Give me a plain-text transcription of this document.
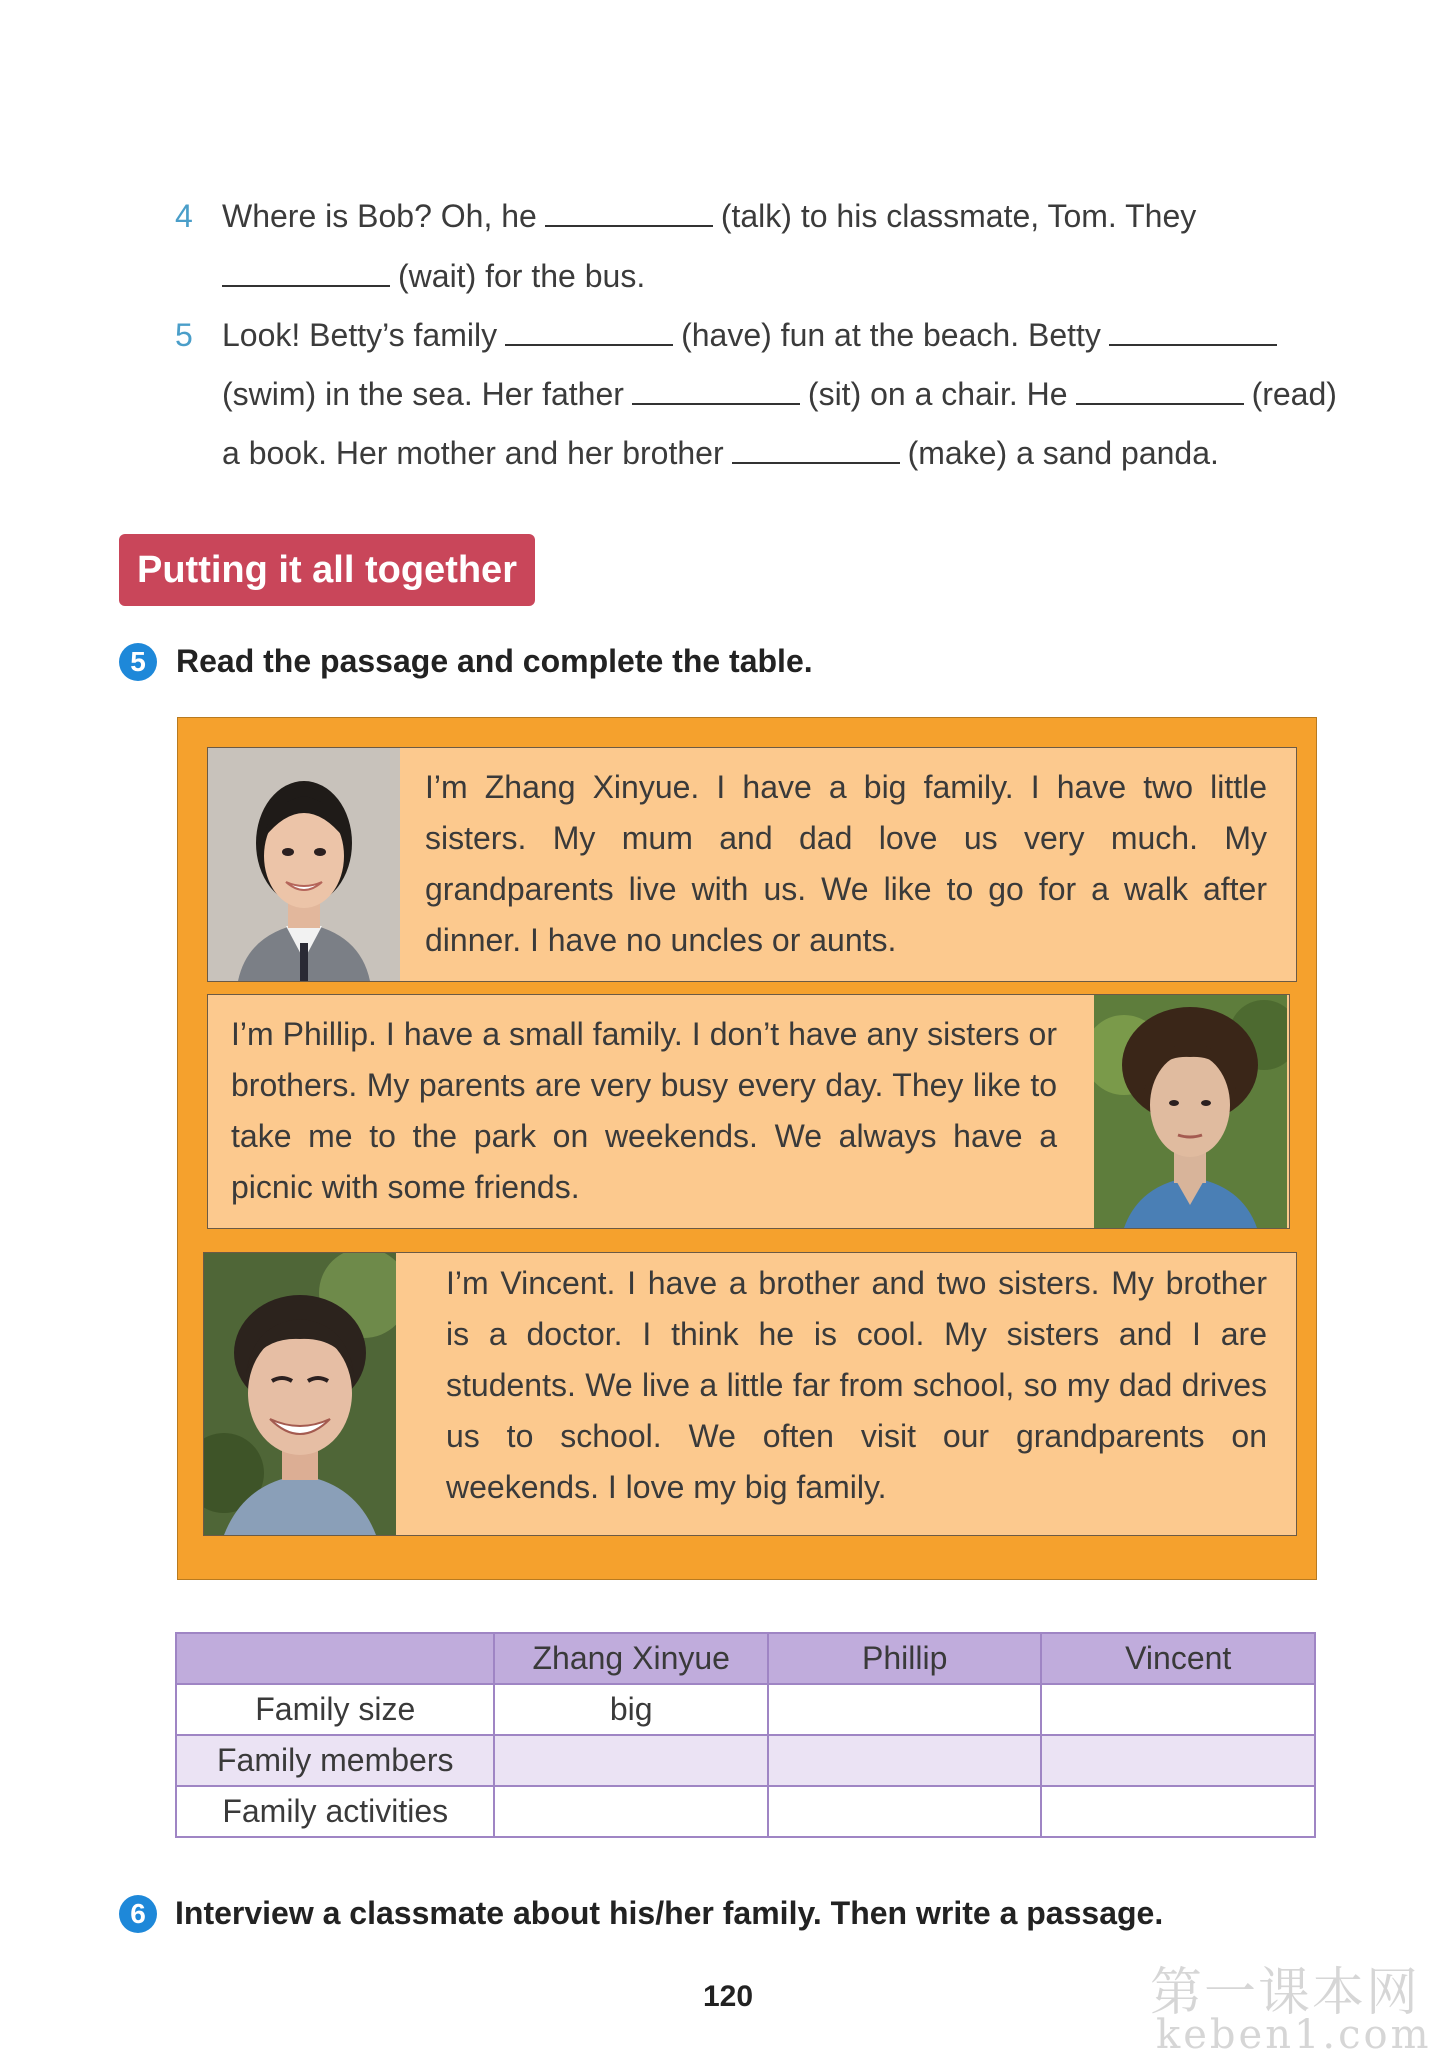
4 Where is Bob? Oh, he	(talk) to his classmate, Tom. They
(wait) for the bus.
5 Look! Betty’s family	(have) fun at the beach. Betty
(swim) in the sea. Her father	(sit) on a chair. He	(read)
a book. Her mother and her brother	(make) a sand panda.
Putting it all together
5 Read the passage and complete the table.
I’m Zhang Xinyue. I have a big family. I have two little sisters. My mum and dad love us very much. My grandparents live with us. We like to go for a walk after dinner. I have no uncles or aunts.
I’m Phillip. I have a small family. I don’t have any sisters or brothers. My parents are very busy every day. They like to take me to the park on weekends. We always have a picnic with some friends.
I’m Vincent. I have a brother and two sisters. My brother is a doctor. I think he is cool. My sisters and I are students. We live a little far from school, so my dad drives us to school. We often visit our grandparents on weekends. I love my big family.
	Zhang Xinyue	Phillip	Vincent
Family size	big		
Family members			
Family activities			
6 Interview a classmate about his/her family. Then write a passage.
120	第一课本网
keben1.com
